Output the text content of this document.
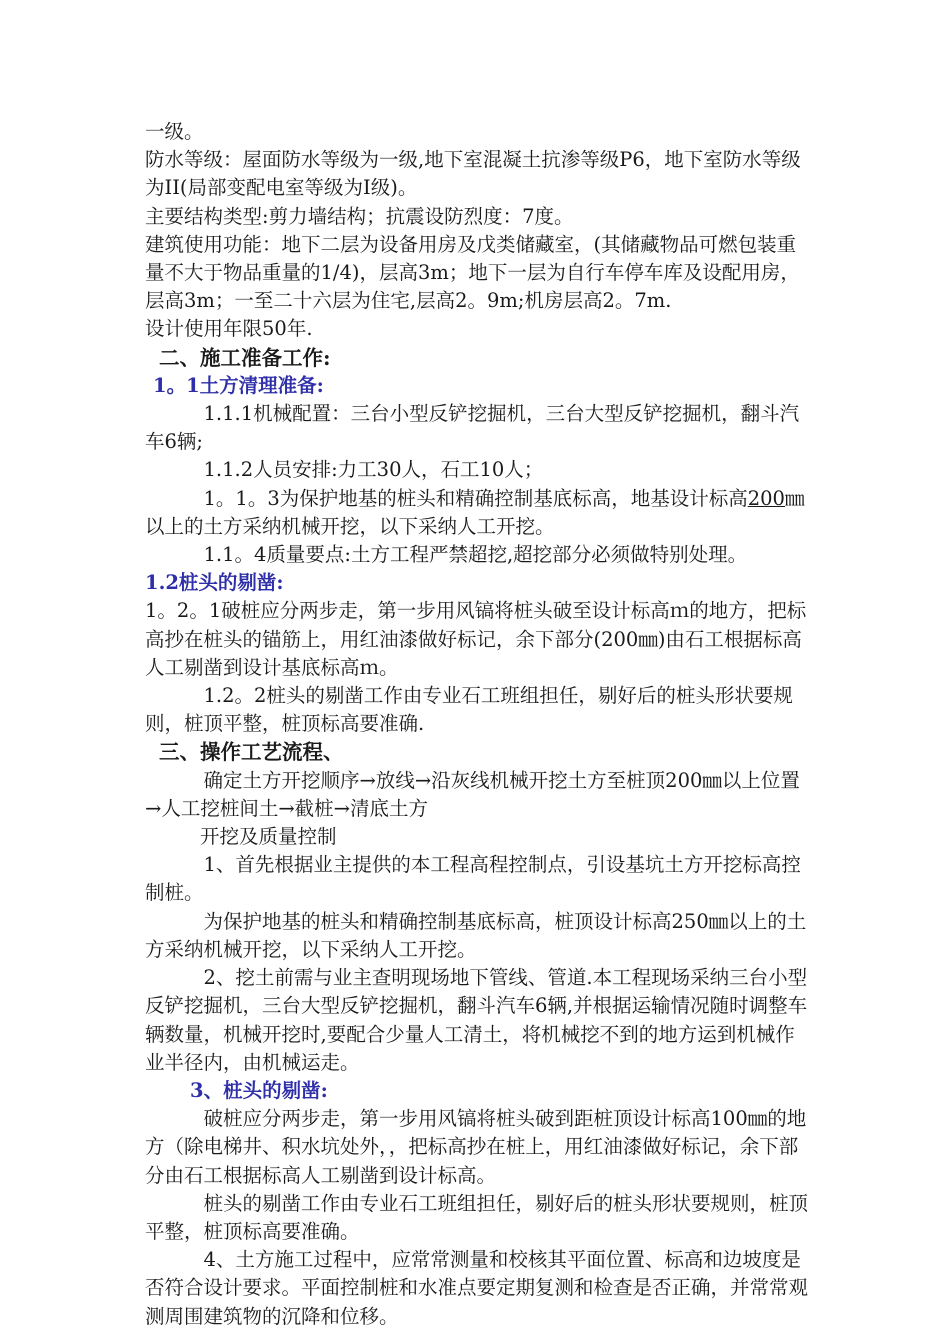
一级。

防水等级：屋面防水等级为一级,地下室混凝土抗渗等级P6，地下室防水等级为II(局部变配电室等级为Ⅰ级)。

主要结构类型:剪力墙结构；抗震设防烈度：7度。

建筑使用功能：地下二层为设备用房及戊类储藏室，(其储藏物品可燃包装重量不大于物品重量的1/4)，层高3m；地下一层为自行车停车库及设配用房，层高3m；一至二十六层为住宅,层高2。9m;机房层高2。7m.

设计使用年限50年.

二、施工准备工作:

1。1土方清理准备:

1.1.1机械配置：三台小型反铲挖掘机，三台大型反铲挖掘机，翻斗汽车6辆;

1.1.2人员安排:力工30人，石工10人；

1。1。3为保护地基的桩头和精确控制基底标高，地基设计标高200㎜以上的土方采纳机械开挖，以下采纳人工开挖。

1.1。4质量要点:土方工程严禁超挖,超挖部分必须做特别处理。

1.2桩头的剔凿:

1。2。1破桩应分两步走，第一步用风镐将桩头破至设计标高ｍ的地方，把标高抄在桩头的锚筋上，用红油漆做好标记，余下部分(200㎜)由石工根据标高人工剔凿到设计基底标高ｍ。

1.2。2桩头的剔凿工作由专业石工班组担任，剔好后的桩头形状要规则，桩顶平整，桩顶标高要准确.

三、操作工艺流程、

确定土方开挖顺序→放线→沿灰线机械开挖土方至桩顶200㎜以上位置→人工挖桩间土→截桩→清底土方

开挖及质量控制

1、首先根据业主提供的本工程高程控制点，引设基坑土方开挖标高控制桩。

为保护地基的桩头和精确控制基底标高，桩顶设计标高250㎜以上的土方采纳机械开挖，以下采纳人工开挖。

2、挖土前需与业主查明现场地下管线、管道.本工程现场采纳三台小型反铲挖掘机，三台大型反铲挖掘机，翻斗汽车6辆,并根据运输情况随时调整车辆数量，机械开挖时,要配合少量人工清土，将机械挖不到的地方运到机械作业半径内，由机械运走。

3、桩头的剔凿:

破桩应分两步走，第一步用风镐将桩头破到距桩顶设计标高100㎜的地方（除电梯井、积水坑处外，，把标高抄在桩上，用红油漆做好标记，余下部分由石工根据标高人工剔凿到设计标高。

桩头的剔凿工作由专业石工班组担任，剔好后的桩头形状要规则，桩顶平整，桩顶标高要准确。

4、土方施工过程中，应常常测量和校核其平面位置、标高和边坡度是否符合设计要求。平面控制桩和水准点要定期复测和检查是否正确，并常常观测周围建筑物的沉降和位移。
